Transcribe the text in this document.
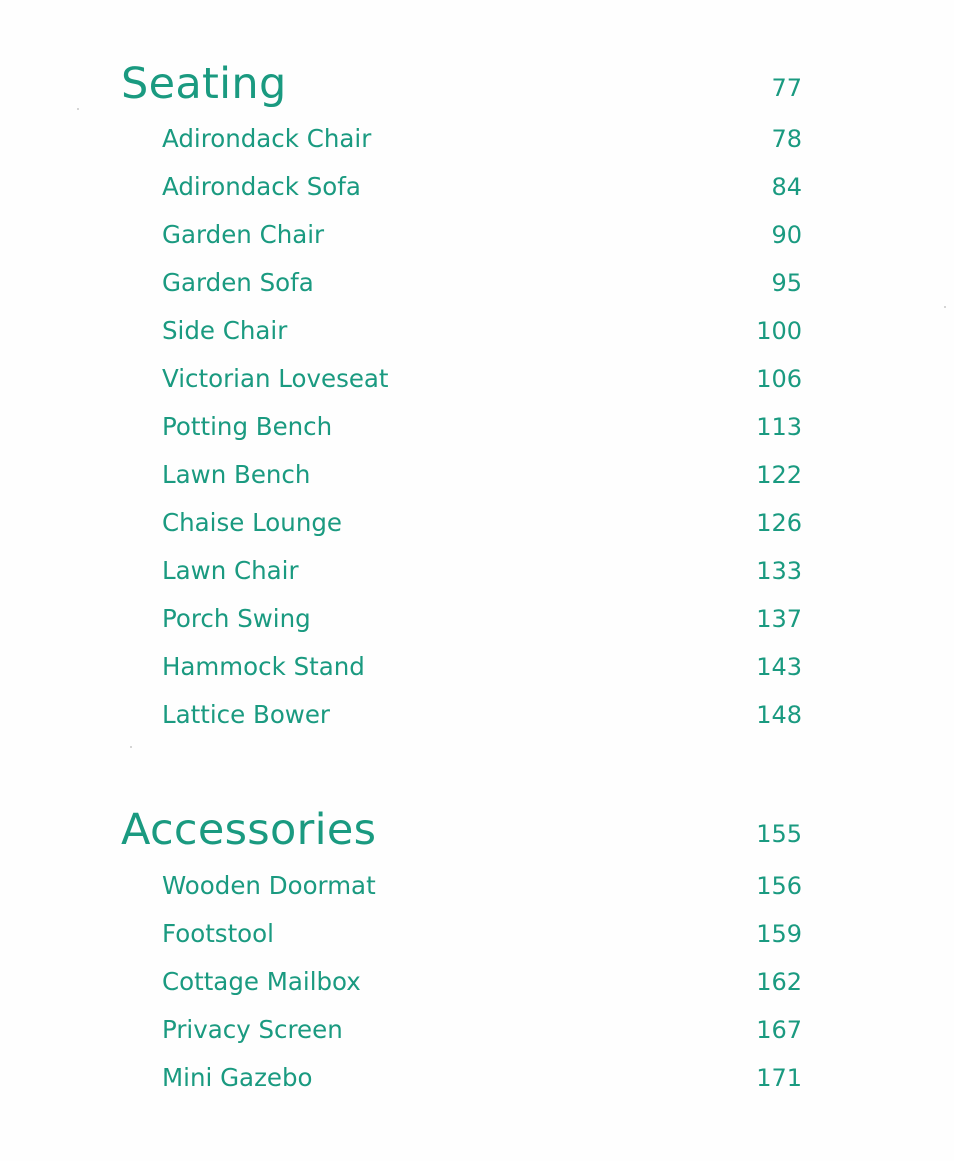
Seating	77
Adirondack Chair	78
Adirondack Sofa	84
Garden Chair	90
Garden Sofa	95
Side Chair	100
Victorian Loveseat	106
Potting Bench	113
Lawn Bench	122
Chaise Lounge	126
Lawn Chair	133
Porch Swing	137
Hammock Stand	143
Lattice Bower	148
Accessories	155
Wooden Doormat	156
Footstool	159
Cottage Mailbox	162
Privacy Screen	167
Mini Gazebo	171
